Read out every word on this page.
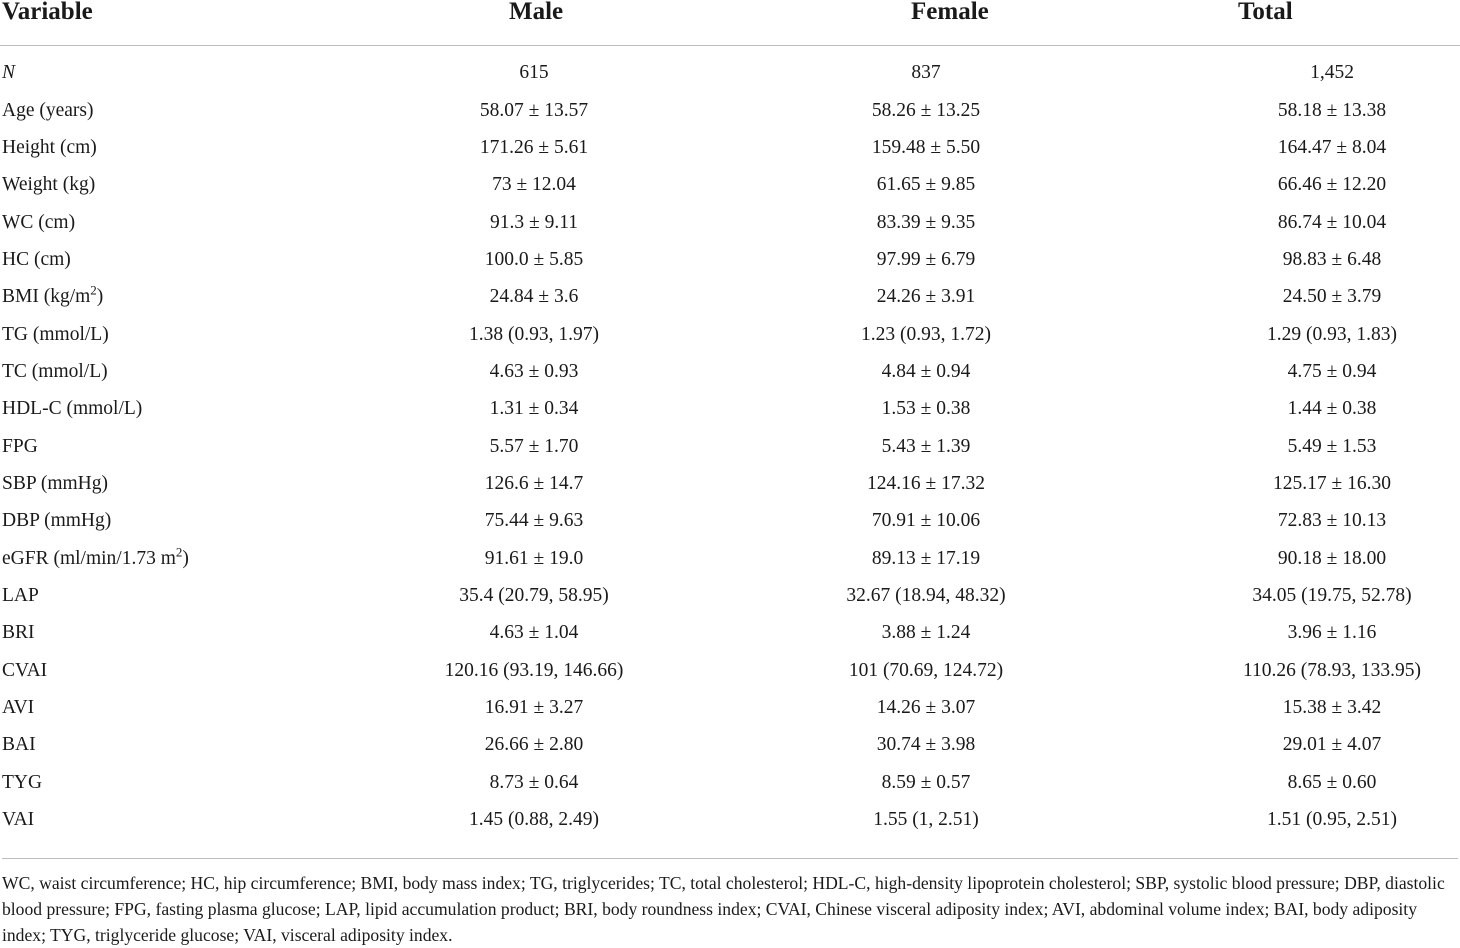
Variable	Male	Female	Total
N	615	837	1,452
Age (years)	58.07 ± 13.57	58.26 ± 13.25	58.18 ± 13.38
Height (cm)	171.26 ± 5.61	159.48 ± 5.50	164.47 ± 8.04
Weight (kg)	73 ± 12.04	61.65 ± 9.85	66.46 ± 12.20
WC (cm)	91.3 ± 9.11	83.39 ± 9.35	86.74 ± 10.04
HC (cm)	100.0 ± 5.85	97.99 ± 6.79	98.83 ± 6.48
BMI $(kg/m^2)$	24.84 ± 3.6	24.26 ± 3.91	24.50 ± 3.79
TG (mmol/L)	1.38 (0.93, 1.97)	1.23 (0.93, 1.72)	1.29 (0.93, 1.83)
TC (mmol/L)	4.63 ± 0.93	4.84 ± 0.94	4.75 ± 0.94
HDL-C (mmol/L)	1.31 ± 0.34	1.53 ± 0.38	1.44 ± 0.38
FPG	5.57 ± 1.70	5.43 ± 1.39	5.49 ± 1.53
SBP (mmHg)	126.6 ± 14.7	124.16 ± 17.32	125.17 ± 16.30
DBP (mmHg)	75.44 ± 9.63	70.91 ± 10.06	72.83 ± 10.13
eGFR (ml/min/1.73 $m^2$)	91.61 ± 19.0	89.13 ± 17.19	90.18 ± 18.00
LAP	35.4 (20.79, 58.95)	32.67 (18.94, 48.32)	34.05 (19.75, 52.78)
BRI	4.63 ± 1.04	3.88 ± 1.24	3.96 ± 1.16
CVAI	120.16 (93.19, 146.66)	101 (70.69, 124.72)	110.26 (78.93, 133.95)
AVI	16.91 ± 3.27	14.26 ± 3.07	15.38 ± 3.42
BAI	26.66 ± 2.80	30.74 ± 3.98	29.01 ± 4.07
TYG	8.73 ± 0.64	8.59 ± 0.57	8.65 ± 0.60
VAI	1.45 (0.88, 2.49)	1.55 (1, 2.51)	1.51 (0.95, 2.51)
WC, waist circumference; HC, hip circumference; BMI, body mass index; TG, triglycerides; TC, total cholesterol; HDL-C, high-density lipoprotein cholesterol; SBP, systolic blood pressure; DBP, diastolic blood pressure; FPG, fasting plasma glucose; LAP, lipid accumulation product; BRI, body roundness index; CVAI, Chinese visceral adiposity index; AVI, abdominal volume index; BAI, body adiposity index; TYG, triglyceride glucose; VAI, visceral adiposity index.
